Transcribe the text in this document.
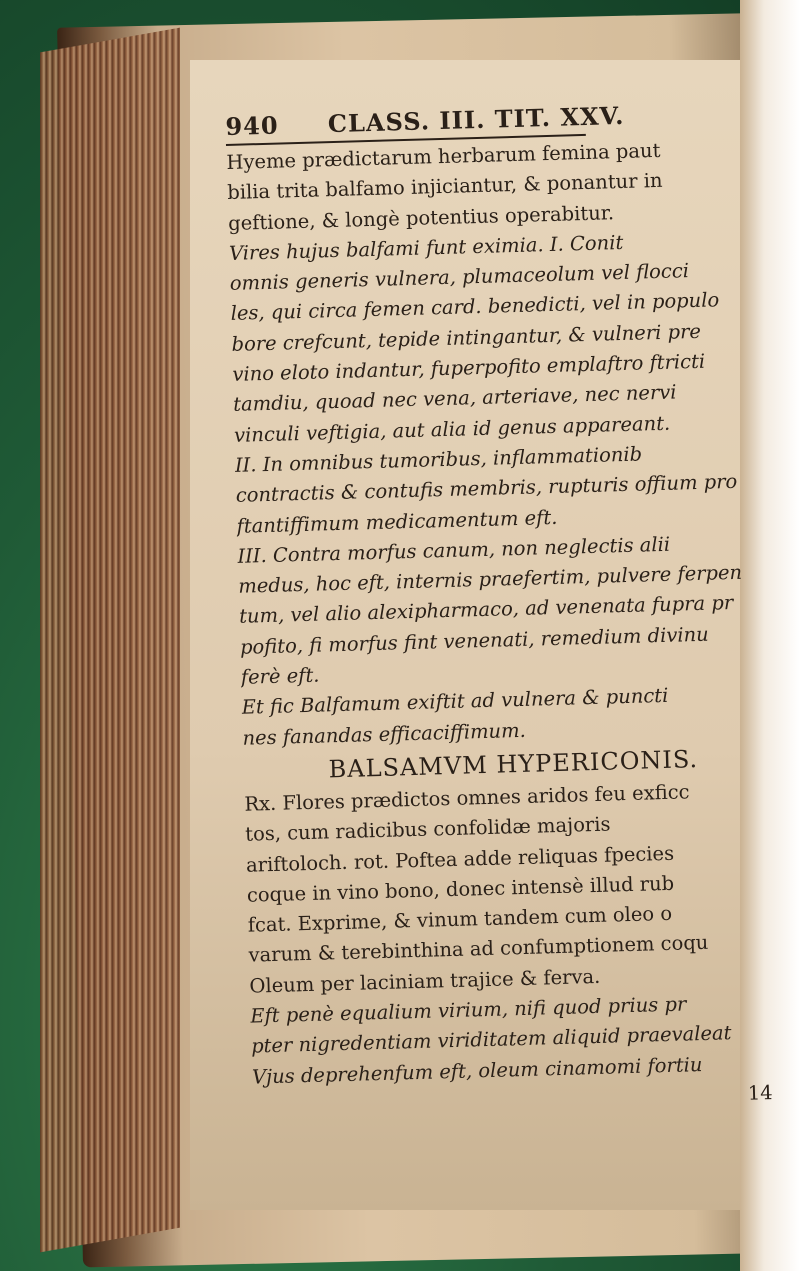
940 CLASS. III. TIT. XXV.
Hyeme prædictarum herbarum femina paut
bilia trita balfamo injiciantur, & ponantur in
geftione, & longè potentius operabitur.
Vires hujus balfami funt eximia. I. Conit
omnis generis vulnera, plumaceolum vel flocci
les, qui circa femen card. benedicti, vel in populo
bore crefcunt, tepide intingantur, & vulneri pre
vino eloto indantur, fuperpofito emplaftro ftricti
tamdiu, quoad nec vena, arteriave, nec nervi
vinculi veftigia, aut alia id genus appareant.
II. In omnibus tumoribus, inflammationib
contractis & contufis membris, rupturis offium pro
ftantiffimum medicamentum eft.
III. Contra morfus canum, non neglectis alii
medus, hoc eft, internis praefertim, pulvere ferpen
tum, vel alio alexipharmaco, ad venenata fupra pr
pofito, fi morfus fint venenati, remedium divinu
ferè eft.
Et fic Balfamum exiftit ad vulnera & puncti
nes fanandas efficaciffimum.
BALSAMVM HYPERICONIS.
Rx. Flores prædictos omnes aridos feu exficc
tos, cum radicibus confolidæ majoris
ariftoloch. rot. Poftea adde reliquas fpecies
coque in vino bono, donec intensè illud rub
fcat. Exprime, & vinum tandem cum oleo o
varum & terebinthina ad confumptionem coqu
Oleum per laciniam trajice & ferva.
Eft penè equalium virium, nifi quod prius pr
pter nigredentiam viriditatem aliquid praevaleat
Vjus deprehenfum eft, oleum cinamomi fortiu
14
